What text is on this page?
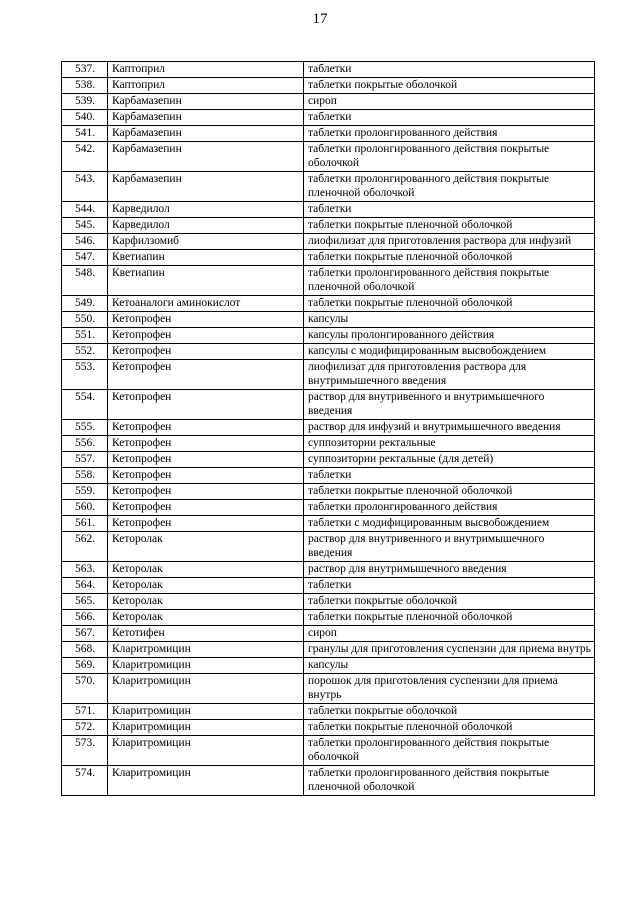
17
537.	Каптоприл	таблетки
538.	Каптоприл	таблетки покрытые оболочкой
539.	Карбамазепин	сироп
540.	Карбамазепин	таблетки
541.	Карбамазепин	таблетки пролонгированного действия
542.	Карбамазепин	таблетки пролонгированного действия покрытые оболочкой
543.	Карбамазепин	таблетки пролонгированного действия покрытые пленочной оболочкой
544.	Карведилол	таблетки
545.	Карведилол	таблетки покрытые пленочной оболочкой
546.	Карфилзомиб	лиофилизат для приготовления раствора для инфузий
547.	Кветиапин	таблетки покрытые пленочной оболочкой
548.	Кветиапин	таблетки пролонгированного действия покрытые пленочной оболочкой
549.	Кетоаналоги аминокислот	таблетки покрытые пленочной оболочкой
550.	Кетопрофен	капсулы
551.	Кетопрофен	капсулы пролонгированного действия
552.	Кетопрофен	капсулы с модифицированным высвобождением
553.	Кетопрофен	лиофилизат для приготовления раствора для внутримышечного введения
554.	Кетопрофен	раствор для внутривенного и внутримышечного введения
555.	Кетопрофен	раствор для инфузий и внутримышечного введения
556.	Кетопрофен	суппозитории ректальные
557.	Кетопрофен	суппозитории ректальные (для детей)
558.	Кетопрофен	таблетки
559.	Кетопрофен	таблетки покрытые пленочной оболочкой
560.	Кетопрофен	таблетки пролонгированного действия
561.	Кетопрофен	таблетки с модифицированным высвобождением
562.	Кеторолак	раствор для внутривенного и внутримышечного введения
563.	Кеторолак	раствор для внутримышечного введения
564.	Кеторолак	таблетки
565.	Кеторолак	таблетки покрытые оболочкой
566.	Кеторолак	таблетки покрытые пленочной оболочкой
567.	Кетотифен	сироп
568.	Кларитромицин	гранулы для приготовления суспензии для приема внутрь
569.	Кларитромицин	капсулы
570.	Кларитромицин	порошок для приготовления суспензии для приема внутрь
571.	Кларитромицин	таблетки покрытые оболочкой
572.	Кларитромицин	таблетки покрытые пленочной оболочкой
573.	Кларитромицин	таблетки пролонгированного действия покрытые оболочкой
574.	Кларитромицин	таблетки пролонгированного действия покрытые пленочной оболочкой
